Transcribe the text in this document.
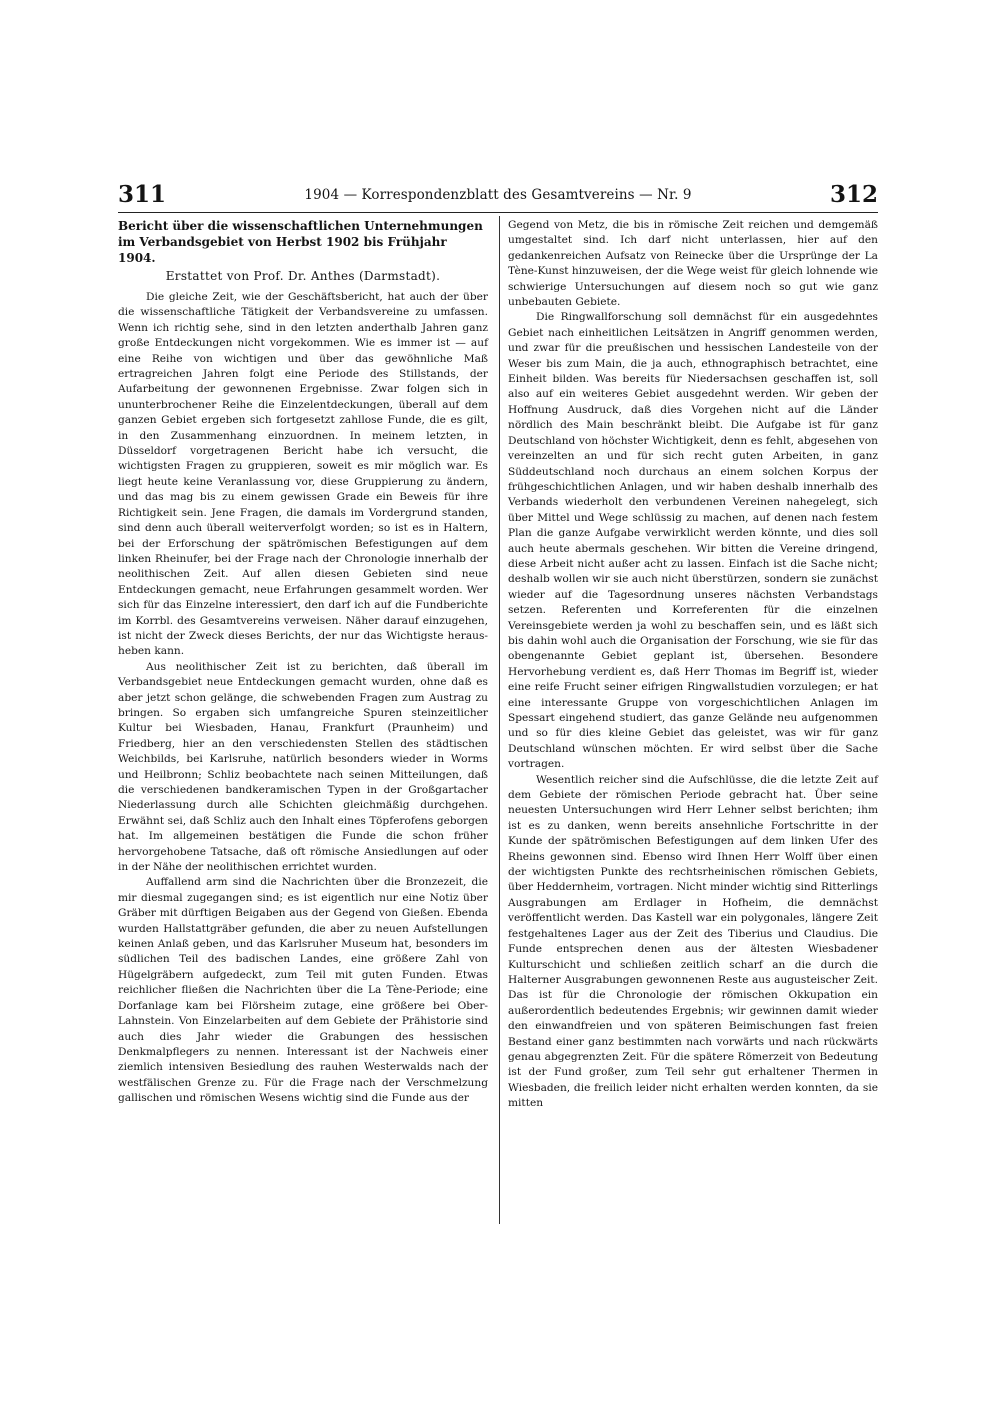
311	1904 — Korrespondenzblatt des Gesamtvereins — Nr. 9	312
Bericht über die wissenschaftlichen Unternehmungen im Verbandsgebiet von Herbst 1902 bis Frühjahr 1904.
Erstattet von Prof. Dr. Anthes (Darmstadt).

Die gleiche Zeit, wie der Geschäftsbericht, hat auch der über die wissenschaftliche Tätigkeit der Verbandsvereine zu umfassen. Wenn ich richtig sehe, sind in den letzten anderthalb Jahren ganz große Entdeckungen nicht vorgekommen. Wie es immer ist — auf eine Reihe von wichtigen und über das gewöhnliche Maß ertragreichen Jahren folgt eine Periode des Stillstands, der Aufarbeitung der gewonnenen Ergebnisse. Zwar folgen sich in ununterbrochener Reihe die Einzelentdeckungen, überall auf dem ganzen Gebiet ergeben sich fortgesetzt zahllose Funde, die es gilt, in den Zusammenhang einzuordnen. In meinem letzten, in Düsseldorf vorgetragenen Bericht habe ich versucht, die wichtigsten Fragen zu gruppieren, soweit es mir möglich war. Es liegt heute keine Veranlassung vor, diese Gruppierung zu ändern, und das mag bis zu einem gewissen Grade ein Beweis für ihre Richtigkeit sein. Jene Fragen, die damals im Vordergrund standen, sind denn auch überall weiterverfolgt worden; so ist es in Haltern, bei der Erforschung der spätrömischen Befestigungen auf dem linken Rheinufer, bei der Frage nach der Chronologie innerhalb der neolithischen Zeit. Auf allen diesen Gebieten sind neue Entdeckungen gemacht, neue Erfahrungen gesammelt worden. Wer sich für das Einzelne interessiert, den darf ich auf die Fundberichte im Korrbl. des Gesamtvereins verweisen. Näher darauf einzugehen, ist nicht der Zweck dieses Berichts, der nur das Wichtigste herausheben kann.

Aus neolithischer Zeit ist zu berichten, daß überall im Verbandsgebiet neue Entdeckungen gemacht wurden, ohne daß es aber jetzt schon gelänge, die schwebenden Fragen zum Austrag zu bringen. So ergaben sich umfangreiche Spuren steinzeitlicher Kultur bei Wiesbaden, Hanau, Frankfurt (Praunheim) und Friedberg, hier an den verschiedensten Stellen des städtischen Weichbilds, bei Karlsruhe, natürlich besonders wieder in Worms und Heilbronn; Schliz beobachtete nach seinen Mitteilungen, daß die verschiedenen bandkeramischen Typen in der Großgartacher Niederlassung durch alle Schichten gleichmäßig durchgehen. Erwähnt sei, daß Schliz auch den Inhalt eines Töpferofens geborgen hat. Im allgemeinen bestätigen die Funde die schon früher hervorgehobene Tatsache, daß oft römische Ansiedlungen auf oder in der Nähe der neolithischen errichtet wurden.

Auffallend arm sind die Nachrichten über die Bronzezeit, die mir diesmal zugegangen sind; es ist eigentlich nur eine Notiz über Gräber mit dürftigen Beigaben aus der Gegend von Gießen. Ebenda wurden Hallstattgräber gefunden, die aber zu neuen Aufstellungen keinen Anlaß geben, und das Karlsruher Museum hat, besonders im südlichen Teil des badischen Landes, eine größere Zahl von Hügelgräbern aufgedeckt, zum Teil mit guten Funden. Etwas reichlicher fließen die Nachrichten über die La Tène-Periode; eine Dorfanlage kam bei Flörsheim zutage, eine größere bei Ober-Lahnstein. Von Einzelarbeiten auf dem Gebiete der Prähistorie sind auch dies Jahr wieder die Grabungen des hessischen Denkmalpflegers zu nennen. Interessant ist der Nachweis einer ziemlich intensiven Besiedlung des rauhen Westerwalds nach der westfälischen Grenze zu. Für die Frage nach der Verschmelzung gallischen und römischen Wesens wichtig sind die Funde aus der

Gegend von Metz, die bis in römische Zeit reichen und demgemäß umgestaltet sind. Ich darf nicht unterlassen, hier auf den gedankenreichen Aufsatz von Reinecke über die Ursprünge der La Tène-Kunst hinzuweisen, der die Wege weist für gleich lohnende wie schwierige Untersuchungen auf diesem noch so gut wie ganz unbebauten Gebiete.

Die Ringwallforschung soll demnächst für ein ausgedehntes Gebiet nach einheitlichen Leitsätzen in Angriff genommen werden, und zwar für die preußischen und hessischen Landesteile von der Weser bis zum Main, die ja auch, ethnographisch betrachtet, eine Einheit bilden. Was bereits für Niedersachsen geschaffen ist, soll also auf ein weiteres Gebiet ausgedehnt werden. Wir geben der Hoffnung Ausdruck, daß dies Vorgehen nicht auf die Länder nördlich des Main beschränkt bleibt. Die Aufgabe ist für ganz Deutschland von höchster Wichtigkeit, denn es fehlt, abgesehen von vereinzelten an und für sich recht guten Arbeiten, in ganz Süddeutschland noch durchaus an einem solchen Korpus der frühgeschichtlichen Anlagen, und wir haben deshalb innerhalb des Verbands wiederholt den verbundenen Vereinen nahegelegt, sich über Mittel und Wege schlüssig zu machen, auf denen nach festem Plan die ganze Aufgabe verwirklicht werden könnte, und dies soll auch heute abermals geschehen. Wir bitten die Vereine dringend, diese Arbeit nicht außer acht zu lassen. Einfach ist die Sache nicht; deshalb wollen wir sie auch nicht überstürzen, sondern sie zunächst wieder auf die Tagesordnung unseres nächsten Verbandstags setzen. Referenten und Korreferenten für die einzelnen Vereinsgebiete werden ja wohl zu beschaffen sein, und es läßt sich bis dahin wohl auch die Organisation der Forschung, wie sie für das obengenannte Gebiet geplant ist, übersehen. Besondere Hervorhebung verdient es, daß Herr Thomas im Begriff ist, wieder eine reife Frucht seiner eifrigen Ringwallstudien vorzulegen; er hat eine interessante Gruppe von vorgeschichtlichen Anlagen im Spessart eingehend studiert, das ganze Gelände neu aufgenommen und so für dies kleine Gebiet das geleistet, was wir für ganz Deutschland wünschen möchten. Er wird selbst über die Sache vortragen.

Wesentlich reicher sind die Aufschlüsse, die die letzte Zeit auf dem Gebiete der römischen Periode gebracht hat. Über seine neuesten Untersuchungen wird Herr Lehner selbst berichten; ihm ist es zu danken, wenn bereits ansehnliche Fortschritte in der Kunde der spätrömischen Befestigungen auf dem linken Ufer des Rheins gewonnen sind. Ebenso wird Ihnen Herr Wolff über einen der wichtigsten Punkte des rechtsrheinischen römischen Gebiets, über Heddernheim, vortragen. Nicht minder wichtig sind Ritterlings Ausgrabungen am Erdlager in Hofheim, die demnächst veröffentlicht werden. Das Kastell war ein polygonales, längere Zeit festgehaltenes Lager aus der Zeit des Tiberius und Claudius. Die Funde entsprechen denen aus der ältesten Wiesbadener Kulturschicht und schließen zeitlich scharf an die durch die Halterner Ausgrabungen gewonnenen Reste aus augusteischer Zeit. Das ist für die Chronologie der römischen Okkupation ein außerordentlich bedeutendes Ergebnis; wir gewinnen damit wieder den einwandfreien und von späteren Beimischungen fast freien Bestand einer ganz bestimmten nach vorwärts und nach rückwärts genau abgegrenzten Zeit. Für die spätere Römerzeit von Bedeutung ist der Fund großer, zum Teil sehr gut erhaltener Thermen in Wiesbaden, die freilich leider nicht erhalten werden konnten, da sie mitten
